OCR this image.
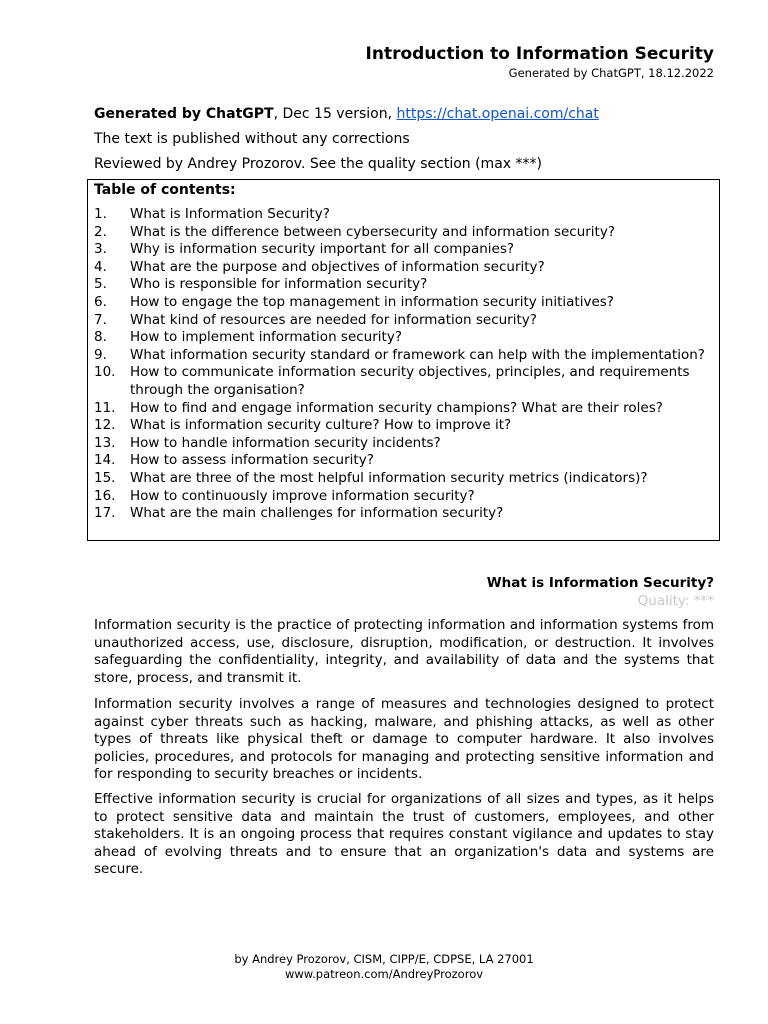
Introduction to Information Security
Generated by ChatGPT, 18.12.2022
Generated by ChatGPT, Dec 15 version, https://chat.openai.com/chat
The text is published without any corrections
Reviewed by Andrey Prozorov. See the quality section (max ***)
Table of contents:
1.	What is Information Security?
2.	What is the difference between cybersecurity and information security?
3.	Why is information security important for all companies?
4.	What are the purpose and objectives of information security?
5.	Who is responsible for information security?
6.	How to engage the top management in information security initiatives?
7.	What kind of resources are needed for information security?
8.	How to implement information security?
9.	What information security standard or framework can help with the implementation?
10.	How to communicate information security objectives, principles, and requirements through the organisation?
11.	How to find and engage information security champions? What are their roles?
12.	What is information security culture? How to improve it?
13.	How to handle information security incidents?
14.	How to assess information security?
15.	What are three of the most helpful information security metrics (indicators)?
16.	How to continuously improve information security?
17.	What are the main challenges for information security?
What is Information Security?
Quality: ***

Information security is the practice of protecting information and information systems from unauthorized access, use, disclosure, disruption, modification, or destruction. It involves safeguarding the confidentiality, integrity, and availability of data and the systems that store, process, and transmit it.

Information security involves a range of measures and technologies designed to protect against cyber threats such as hacking, malware, and phishing attacks, as well as other types of threats like physical theft or damage to computer hardware. It also involves policies, procedures, and protocols for managing and protecting sensitive information and for responding to security breaches or incidents.

Effective information security is crucial for organizations of all sizes and types, as it helps to protect sensitive data and maintain the trust of customers, employees, and other stakeholders. It is an ongoing process that requires constant vigilance and updates to stay ahead of evolving threats and to ensure that an organization's data and systems are secure.

by Andrey Prozorov, CISM, CIPP/E, CDPSE, LA 27001
www.patreon.com/AndreyProzorov
